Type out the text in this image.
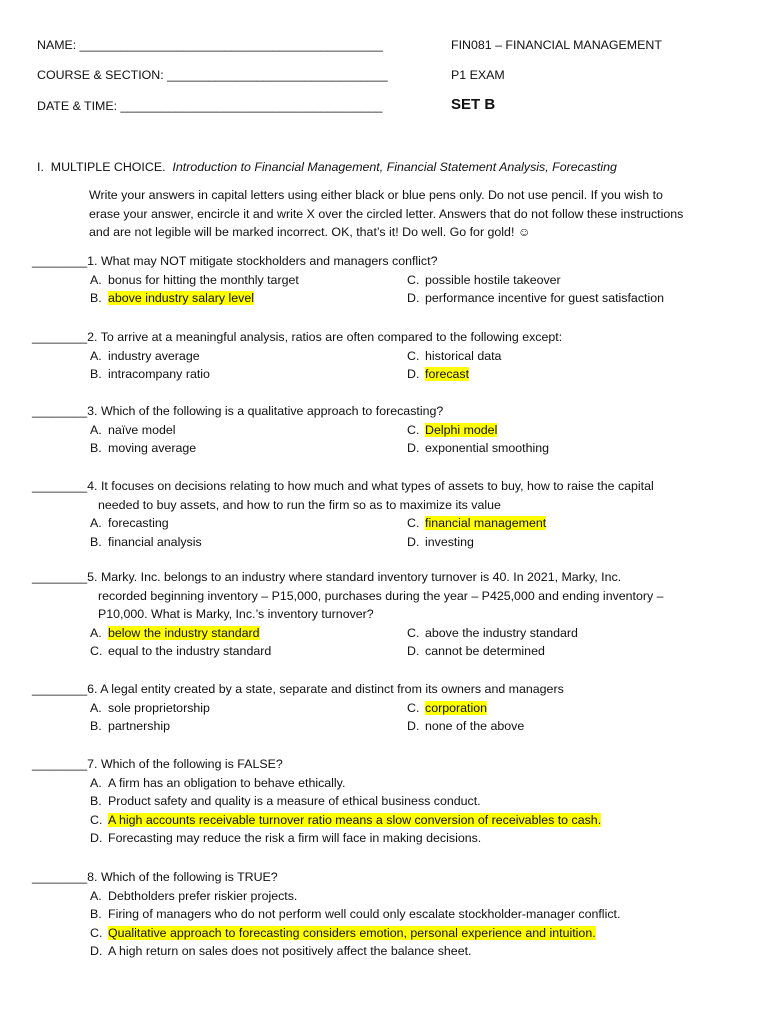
NAME: ____________________________________________
COURSE & SECTION: ________________________________
DATE & TIME: ______________________________________
FIN081 – FINANCIAL MANAGEMENT
P1 EXAM
SET B
I. MULTIPLE CHOICE. Introduction to Financial Management, Financial Statement Analysis, Forecasting
Write your answers in capital letters using either black or blue pens only. Do not use pencil. If you wish to erase your answer, encircle it and write X over the circled letter. Answers that do not follow these instructions and are not legible will be marked incorrect. OK, that’s it! Do well. Go for gold! ☺
________1. What may NOT mitigate stockholders and managers conflict?
A. bonus for hitting the monthly target	C. possible hostile takeover
B. above industry salary level	D. performance incentive for guest satisfaction
________2. To arrive at a meaningful analysis, ratios are often compared to the following except:
A. industry average	C. historical data
B. intracompany ratio	D. forecast
________3. Which of the following is a qualitative approach to forecasting?
A. naïve model	C. Delphi model
B. moving average	D. exponential smoothing
________4. It focuses on decisions relating to how much and what types of assets to buy, how to raise the capital
needed to buy assets, and how to run the firm so as to maximize its value
A. forecasting	C. financial management
B. financial analysis	D. investing
________5. Marky. Inc. belongs to an industry where standard inventory turnover is 40. In 2021, Marky, Inc.
recorded beginning inventory – P15,000, purchases during the year – P425,000 and ending inventory –
P10,000. What is Marky, Inc.’s inventory turnover?
A. below the industry standard	C. above the industry standard
C. equal to the industry standard	D. cannot be determined
________6. A legal entity created by a state, separate and distinct from its owners and managers
A. sole proprietorship	C. corporation
B. partnership	D. none of the above
________7. Which of the following is FALSE?
A. A firm has an obligation to behave ethically.
B. Product safety and quality is a measure of ethical business conduct.
C. A high accounts receivable turnover ratio means a slow conversion of receivables to cash.
D. Forecasting may reduce the risk a firm will face in making decisions.
________8. Which of the following is TRUE?
A. Debtholders prefer riskier projects.
B. Firing of managers who do not perform well could only escalate stockholder-manager conflict.
C. Qualitative approach to forecasting considers emotion, personal experience and intuition.
D. A high return on sales does not positively affect the balance sheet.
